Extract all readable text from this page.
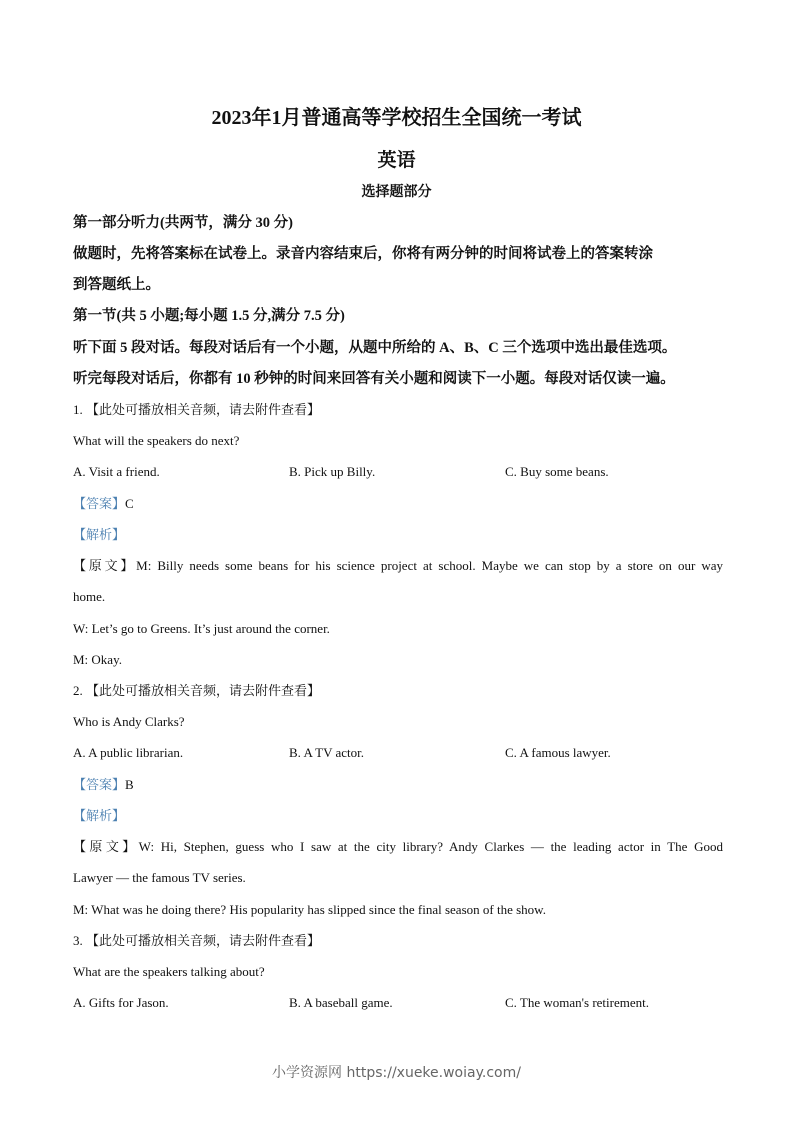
2023年1月普通高等学校招生全国统一考试
英语
选择题部分
第一部分听力(共两节，满分 30 分)
做题时，先将答案标在试卷上。录音内容结束后，你将有两分钟的时间将试卷上的答案转涂
到答题纸上。
第一节(共 5 小题;每小题 1.5 分,满分 7.5 分)
听下面 5 段对话。每段对话后有一个小题，从题中所给的 A、B、C 三个选项中选出最佳选项。
听完每段对话后，你都有 10 秒钟的时间来回答有关小题和阅读下一小题。每段对话仅读一遍。
1. 【此处可播放相关音频，请去附件查看】
What will the speakers do next?
A. Visit a friend.	B. Pick up Billy.	C. Buy some beans.
【答案】C
【解析】
【原文】M: Billy needs some beans for his science project at school. Maybe we can stop by a store on our way
home.
W: Let’s go to Greens. It’s just around the corner.
M: Okay.
2. 【此处可播放相关音频，请去附件查看】
Who is Andy Clarks?
A. A public librarian.	B. A TV actor.	C. A famous lawyer.
【答案】B
【解析】
【原文】W: Hi, Stephen, guess who I saw at the city library? Andy Clarkes — the leading actor in The Good
Lawyer — the famous TV series.
M: What was he doing there? His popularity has slipped since the final season of the show.
3. 【此处可播放相关音频，请去附件查看】
What are the speakers talking about?
A. Gifts for Jason.	B. A baseball game.	C. The woman's retirement.
小学资源网 https://xueke.woiay.com/
